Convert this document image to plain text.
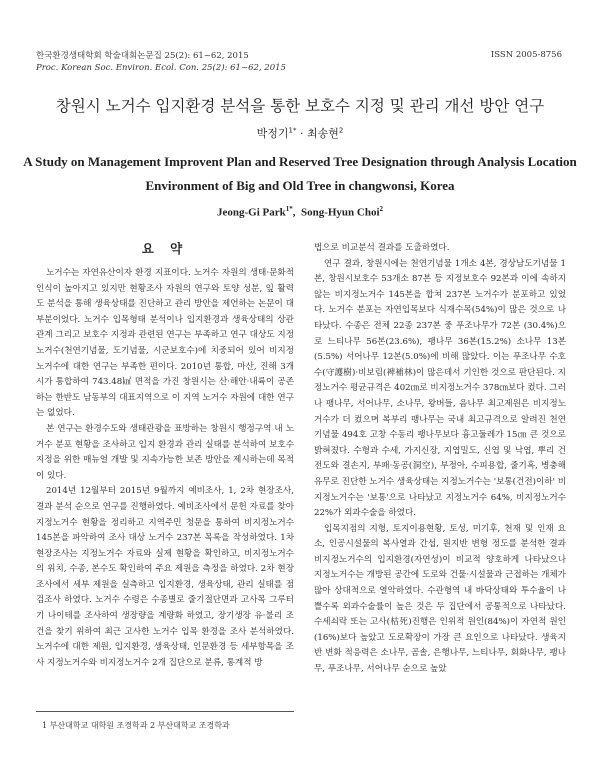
한국환경생태학회 학술대회논문집 25(2): 61~62, 2015
Proc. Korean Soc. Environ. Ecol. Con. 25(2): 61~62, 2015
ISSN 2005-8756
창원시 노거수 입지환경 분석을 통한 보호수 지정 및 관리 개선 방안 연구
박정기$^{1*}$ · 최송현$^2$
A Study on Management Improvent Plan and Reserved Tree Designation through Analysis Location Environment of Big and Old Tree in changwonsi, Korea
Jeong-Gi Park$^{1*}$,  Song-Hyun Choi$^2$
요 약

노거수는 자연유산이자 환경 지표이다. 노거수 자원의 생태·문화적 인식이 높아지고 있지만 현황조사 자원의 연구와 토양 성분, 잎 활력도 분석을 통해 생육상태를 진단하고 관리 방안을 제언하는 논문이 대부분이었다. 노거수 입목형태 분석이나 입지환경과 생육상태의 상관관계 그리고 보호수 지정과 관련된 연구는 부족하고 연구 대상도 지정노거수(천연기념물, 도기념물, 시군보호수)에 치중되어 있어 비지정노거수에 대한 연구는 부족한 편이다. 2010년 통합, 마산, 진해 3개시가 통합하여 743.48㎢ 면적을 가진 창원시는 산·해안·내륙이 공존하는 한반도 남동부의 대표지역으로 이 지역 노거수 자원에 대한 연구는 없었다.

본 연구는 환경수도와 생태관광을 표방하는 창원시 행정구역 내 노거수 분포 현황을 조사하고 입지 환경과 관리 실태를 분석하여 보호수 지정을 위한 매뉴얼 개발 및 지속가능한 보존 방안을 제시하는데 목적이 있다.

2014년 12월부터 2015년 9월까지 예비조사, 1, 2차 현장조사, 결과 분석 순으로 연구를 진행하였다. 예비조사에서 문헌 자료를 찾아 지정노거수 현황을 정리하고 지역주민 청문을 통하여 비지정노거수 145본을 파악하여 조사 대상 노거수 237본 목록을 작성하였다. 1차 현장조사는 지정노거수 자료와 실제 현황을 확인하고, 비지정노거수의 위치, 수종, 본수도 확인하여 주요 제원을 측정을 하였다. 2차 현장조사에서 세부 제원을 실측하고 입지환경, 생육상태, 관리 실태를 점검조사 하였다. 노거수 수령은 수종별로 줄기절단면과 고사목 그루터기 나이테를 조사하여 생장량을 계량화 하였고, 장기생장 유·불리 조건을 찾기 위하여 최근 고사한 노거수 입목 환경을 조사 분석하였다. 노거수에 대한 제원, 입지환경, 생육상태, 인문환경 등 세부항목을 조사 지정노거수와 비지정노거수 2개 집단으로 분류, 통계적 방

법으로 비교분석 결과를 도출하였다.

연구 결과, 창원시에는 천연기념물 1개소 4본, 경상남도기념물 1본, 창원시보호수 53개소 87본 등 지정보호수 92본과 이에 속하지 않는 비지정노거수 145본을 합쳐 237본 노거수가 분포하고 있었다. 노거수 분포는 자연입목보다 식재수목(54%)이 많은 것으로 나타났다. 수종은 전체 22종 237본 중 푸조나무가 72본 (30.4%)으로 느티나무 56본(23.6%), 팽나무 36본(15.2%) 소나무 13본(5.5%) 서어나무 12본(5.0%)에 비해 많았다. 이는 푸조나무 수호수(守護樹)·비보림(裨補林)이 많은데서 기인한 것으로 판단된다. 지정노거수 평균규격은 402㎝로 비지정노거수 378㎝보다 컸다. 그러나 팽나무, 서어나무, 소나무, 왕버들, 음나무 최고제원은 비지정노거수가 더 컸으며 복부리 팽나무는 국내 최고규격으로 알려진 천연기념물 494호 고창 수동리 팽나무보다 흉고둘레가 15㎝ 큰 것으로 밝혀졌다. 수형과 수세, 가지신장, 지엽밀도, 신엽 및 낙엽, 뿌리 건전도와 결손지, 부패·동공(洞空), 부정아, 수피용합, 줄기혹, 병충해 유무로 진단한 노거수 생육상태는 지정노거수는 '보통(건전)이하' 비지정노거수는 '보통'으로 나타났고 지정노거수 64%, 비지정노거수 22%가 외과수술을 하였다.

입목지점의 지형, 토지이용현황, 토성, 미기후, 천재 및 인재 요소, 인공시설물의 복사열과 간섭, 원지반 변형 정도를 분석한 결과 비지정노거수의 입지환경(자연성)이 비교적 양호하게 나타났으나 지정노거수는 개방된 공간에 도로와 건물·시설물과 근접하는 개체가 많아 상대적으로 열악하였다. 수관형역 내 바닥상태와 투수율이 나쁠수록 외과수술률이 높은 것은 두 집단에서 공통적으로 나타났다. 수세쇠락 또는 고사(枯死)진행은 인위적 원인(84%)이 자연적 원인(16%)보다 높았고 도로확장이 가장 큰 요인으로 나타났다. 생육지반 변화 적응력은 소나무, 곰솔, 은행나무, 느티나무, 회화나무, 팽나무, 푸조나무, 서어나무 순으로 높았

1 부산대학교 대학원 조경학과 2 부산대학교 조경학과
